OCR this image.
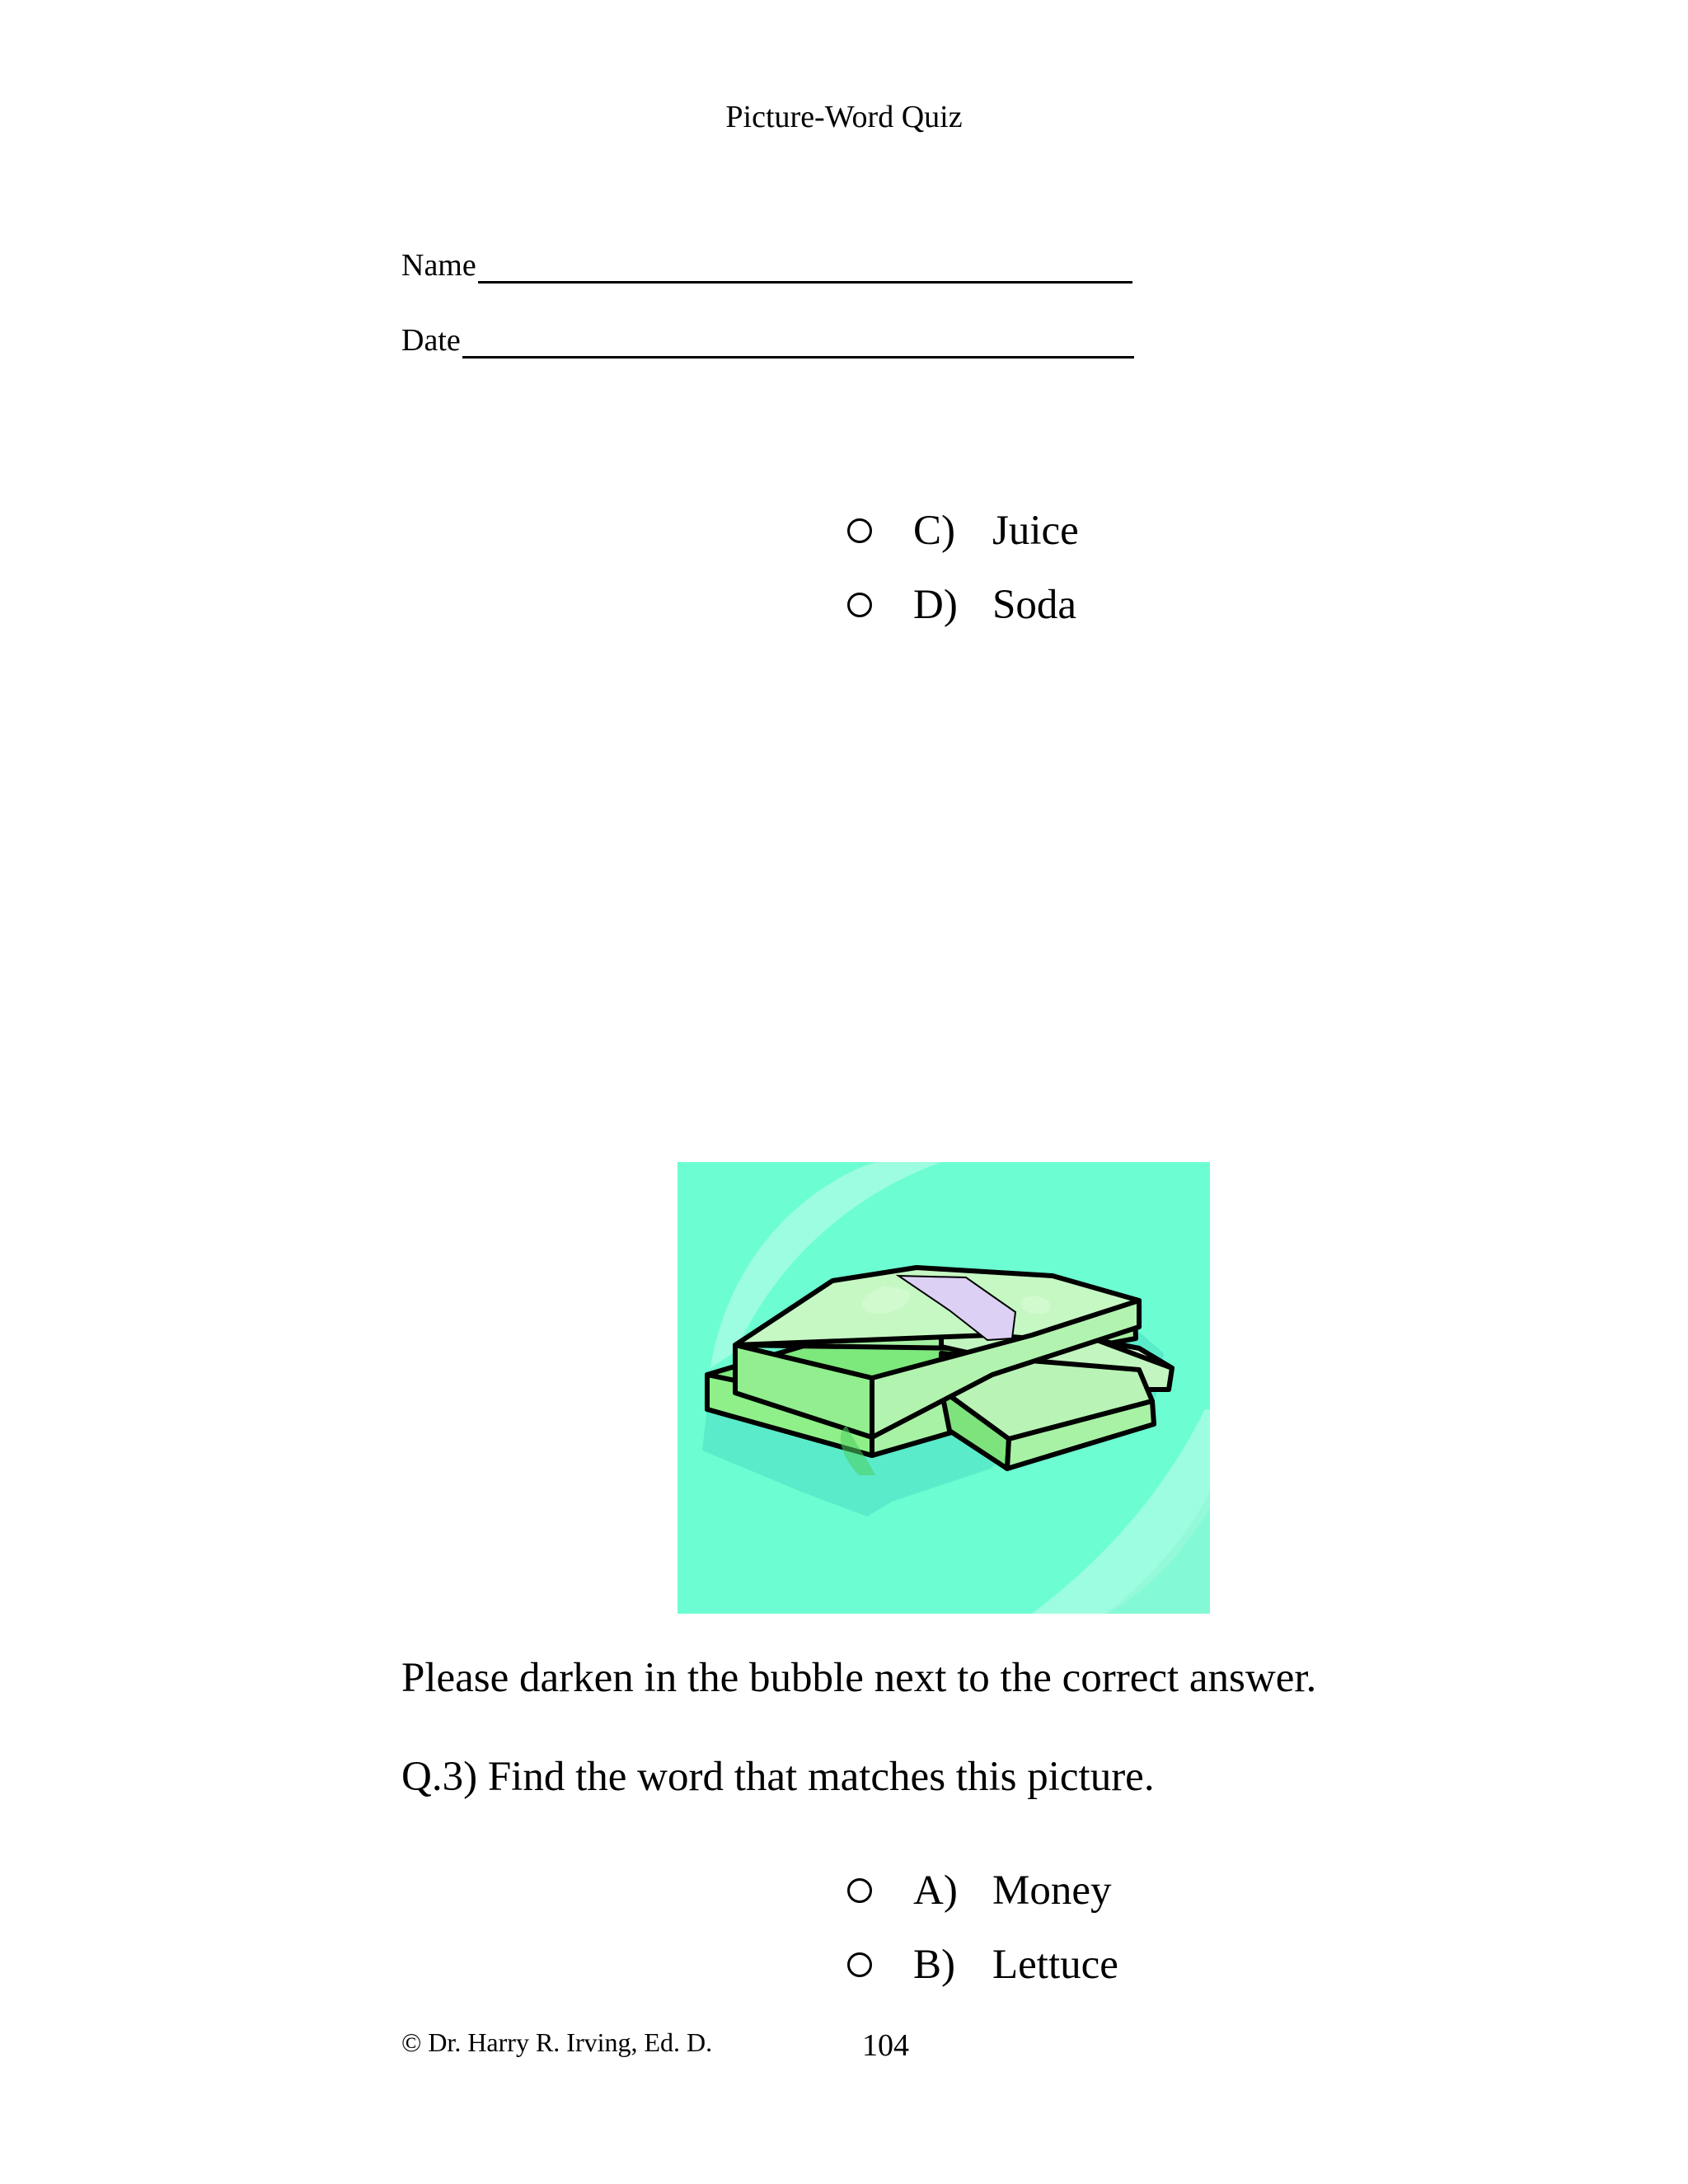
Picture-Word Quiz
Name
Date
C) Juice
D) Soda
Please darken in the bubble next to the correct answer.
Q.3) Find the word that matches this picture.
A) Money
B) Lettuce
© Dr. Harry R. Irving, Ed. D.	104
